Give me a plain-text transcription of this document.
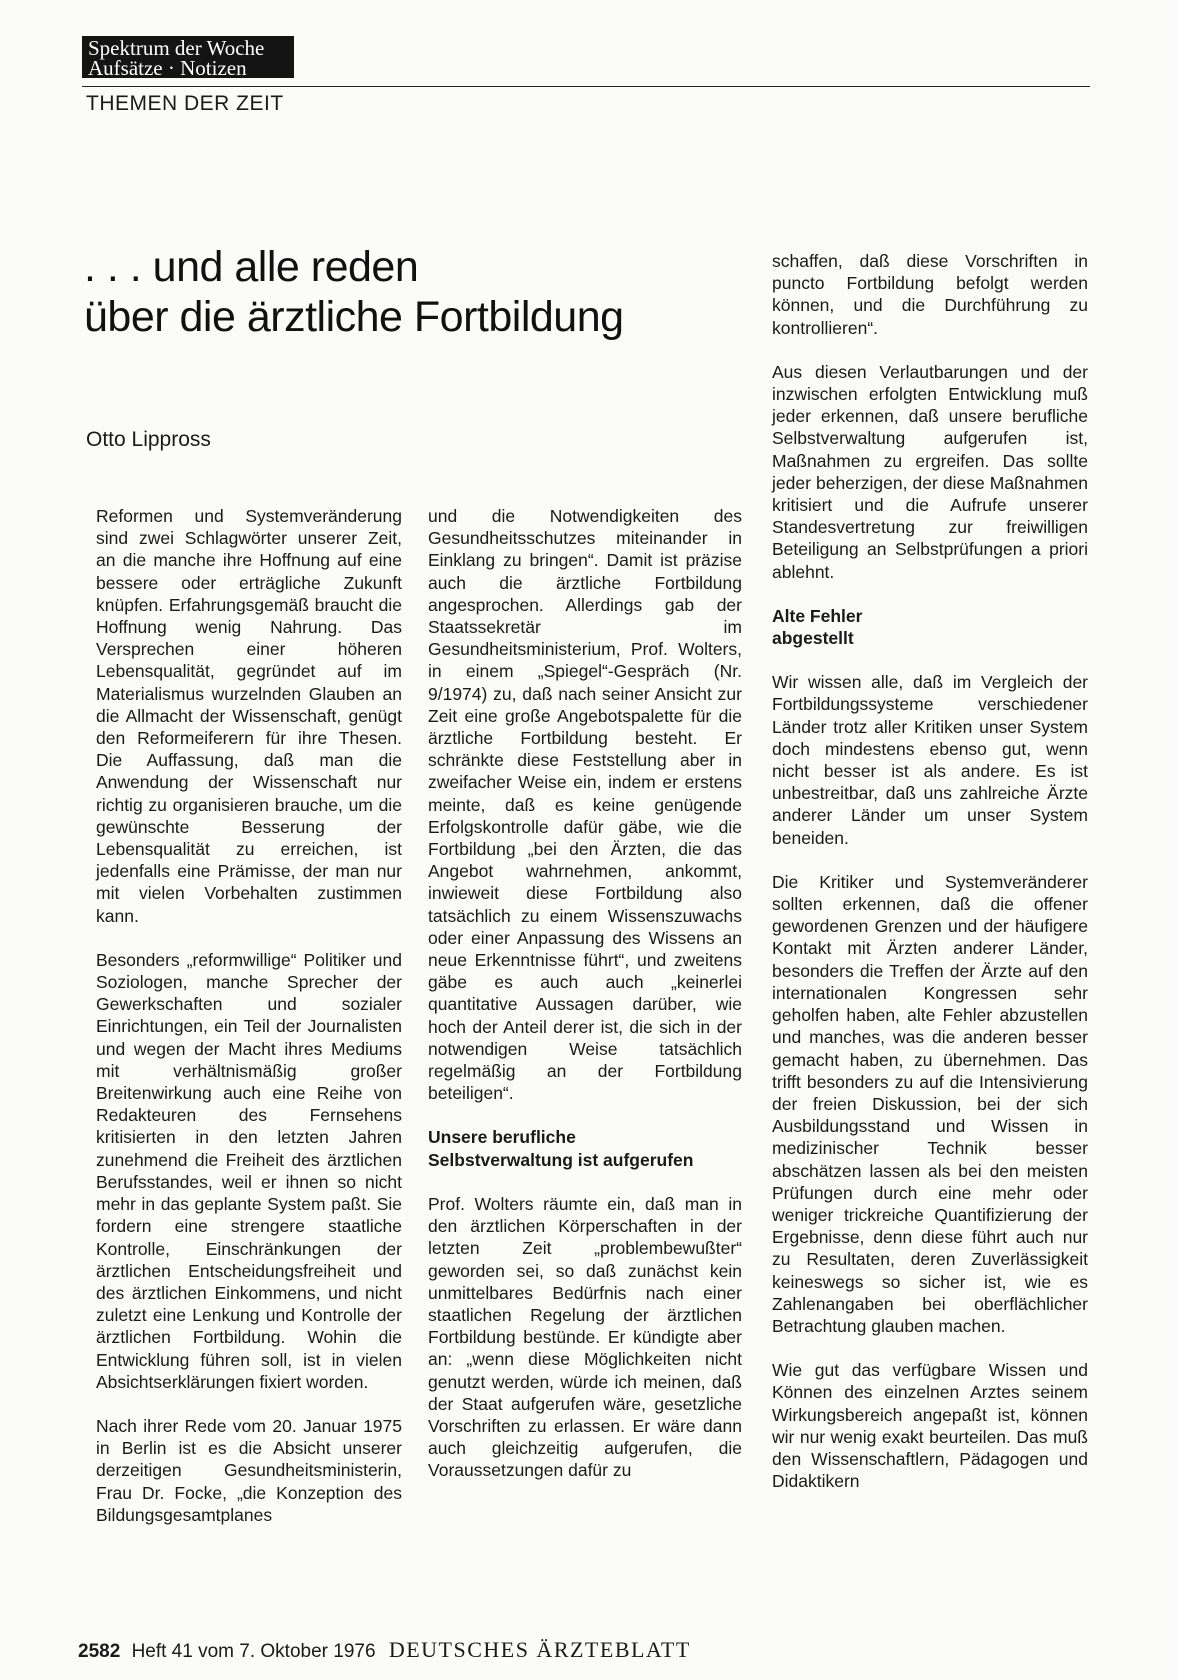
Spektrum der Woche
Aufsätze · Notizen
THEMEN DER ZEIT
. . . und alle reden
über die ärztliche Fortbildung
Otto Lippross

Reformen und Systemveränderung sind zwei Schlagwörter unserer Zeit, an die manche ihre Hoffnung auf eine bessere oder erträgliche Zukunft knüpfen. Erfahrungsgemäß braucht die Hoffnung wenig Nahrung. Das Versprechen einer höheren Lebensqualität, gegründet auf im Materialismus wurzelnden Glauben an die Allmacht der Wissenschaft, genügt den Reformeiferern für ihre Thesen. Die Auffassung, daß man die Anwendung der Wissenschaft nur richtig zu organisieren brauche, um die gewünschte Besserung der Lebensqualität zu erreichen, ist jedenfalls eine Prämisse, der man nur mit vielen Vorbehalten zustimmen kann.

Besonders „reformwillige“ Politiker und Soziologen, manche Sprecher der Gewerkschaften und sozialer Einrichtungen, ein Teil der Journalisten und wegen der Macht ihres Mediums mit verhältnismäßig großer Breitenwirkung auch eine Reihe von Redakteuren des Fernsehens kritisierten in den letzten Jahren zunehmend die Freiheit des ärztlichen Berufsstandes, weil er ihnen so nicht mehr in das geplante System paßt. Sie fordern eine strengere staatliche Kontrolle, Einschränkungen der ärztlichen Entscheidungsfreiheit und des ärztlichen Einkommens, und nicht zuletzt eine Lenkung und Kontrolle der ärztlichen Fortbildung. Wohin die Entwicklung führen soll, ist in vielen Absichtserklärungen fixiert worden.

Nach ihrer Rede vom 20. Januar 1975 in Berlin ist es die Absicht unserer derzeitigen Gesundheitsministerin, Frau Dr. Focke, „die Konzeption des Bildungsgesamtplanes

und die Notwendigkeiten des Gesundheitsschutzes miteinander in Einklang zu bringen“. Damit ist präzise auch die ärztliche Fortbildung angesprochen. Allerdings gab der Staatssekretär im Gesundheitsministerium, Prof. Wolters, in einem „Spiegel“-Gespräch (Nr. 9/1974) zu, daß nach seiner Ansicht zur Zeit eine große Angebotspalette für die ärztliche Fortbildung besteht. Er schränkte diese Feststellung aber in zweifacher Weise ein, indem er erstens meinte, daß es keine genügende Erfolgskontrolle dafür gäbe, wie die Fortbildung „bei den Ärzten, die das Angebot wahrnehmen, ankommt, inwieweit diese Fortbildung also tatsächlich zu einem Wissenszuwachs oder einer Anpassung des Wissens an neue Erkenntnisse führt“, und zweitens gäbe es auch auch „keinerlei quantitative Aussagen darüber, wie hoch der Anteil derer ist, die sich in der notwendigen Weise tatsächlich regelmäßig an der Fortbildung beteiligen“.

Unsere berufliche
Selbstverwaltung ist aufgerufen

Prof. Wolters räumte ein, daß man in den ärztlichen Körperschaften in der letzten Zeit „problembewußter“ geworden sei, so daß zunächst kein unmittelbares Bedürfnis nach einer staatlichen Regelung der ärztlichen Fortbildung bestünde. Er kündigte aber an: „wenn diese Möglichkeiten nicht genutzt werden, würde ich meinen, daß der Staat aufgerufen wäre, gesetzliche Vorschriften zu erlassen. Er wäre dann auch gleichzeitig aufgerufen, die Voraussetzungen dafür zu

schaffen, daß diese Vorschriften in puncto Fortbildung befolgt werden können, und die Durchführung zu kontrollieren“.

Aus diesen Verlautbarungen und der inzwischen erfolgten Entwicklung muß jeder erkennen, daß unsere berufliche Selbstverwaltung aufgerufen ist, Maßnahmen zu ergreifen. Das sollte jeder beherzigen, der diese Maßnahmen kritisiert und die Aufrufe unserer Standesvertretung zur freiwilligen Beteiligung an Selbstprüfungen a priori ablehnt.

Alte Fehler
abgestellt

Wir wissen alle, daß im Vergleich der Fortbildungssysteme verschiedener Länder trotz aller Kritiken unser System doch mindestens ebenso gut, wenn nicht besser ist als andere. Es ist unbestreitbar, daß uns zahlreiche Ärzte anderer Länder um unser System beneiden.

Die Kritiker und Systemveränderer sollten erkennen, daß die offener gewordenen Grenzen und der häufigere Kontakt mit Ärzten anderer Länder, besonders die Treffen der Ärzte auf den internationalen Kongressen sehr geholfen haben, alte Fehler abzustellen und manches, was die anderen besser gemacht haben, zu übernehmen. Das trifft besonders zu auf die Intensivierung der freien Diskussion, bei der sich Ausbildungsstand und Wissen in medizinischer Technik besser abschätzen lassen als bei den meisten Prüfungen durch eine mehr oder weniger trickreiche Quantifizierung der Ergebnisse, denn diese führt auch nur zu Resultaten, deren Zuverlässigkeit keineswegs so sicher ist, wie es Zahlenangaben bei oberflächlicher Betrachtung glauben machen.

Wie gut das verfügbare Wissen und Können des einzelnen Arztes seinem Wirkungsbereich angepaßt ist, können wir nur wenig exakt beurteilen. Das muß den Wissenschaftlern, Pädagogen und Didaktikern

2582 Heft 41 vom 7. Oktober 1976 DEUTSCHES ÄRZTEBLATT
